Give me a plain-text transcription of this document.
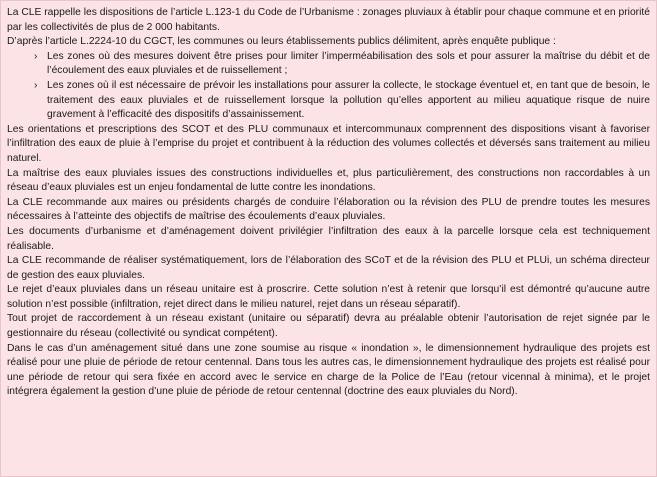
La CLE rappelle les dispositions de l’article L.123-1 du Code de l’Urbanisme : zonages pluviaux à établir pour chaque commune et en priorité par les collectivités de plus de 2 000 habitants.

D’après l’article L.2224-10 du CGCT, les communes ou leurs établissements publics délimitent, après enquête publique :

› Les zones où des mesures doivent être prises pour limiter l’imperméabilisation des sols et pour assurer la maîtrise du débit et de l’écoulement des eaux pluviales et de ruissellement ;
› Les zones où il est nécessaire de prévoir les installations pour assurer la collecte, le stockage éventuel et, en tant que de besoin, le traitement des eaux pluviales et de ruissellement lorsque la pollution qu’elles apportent au milieu aquatique risque de nuire gravement à l’efficacité des dispositifs d’assainissement.

Les orientations et prescriptions des SCOT et des PLU communaux et intercommunaux comprennent des dispositions visant à favoriser l’infiltration des eaux de pluie à l’emprise du projet et contribuent à la réduction des volumes collectés et déversés sans traitement au milieu naturel.

La maîtrise des eaux pluviales issues des constructions individuelles et, plus particulièrement, des constructions non raccordables à un réseau d’eaux pluviales est un enjeu fondamental de lutte contre les inondations.

La CLE recommande aux maires ou présidents chargés de conduire l’élaboration ou la révision des PLU de prendre toutes les mesures nécessaires à l’atteinte des objectifs de maîtrise des écoulements d’eaux pluviales.

Les documents d’urbanisme et d’aménagement doivent privilégier l’infiltration des eaux à la parcelle lorsque cela est techniquement réalisable.

La CLE recommande de réaliser systématiquement, lors de l’élaboration des SCoT et de la révision des PLU et PLUi, un schéma directeur de gestion des eaux pluviales.

Le rejet d’eaux pluviales dans un réseau unitaire est à proscrire. Cette solution n’est à retenir que lorsqu’il est démontré qu’aucune autre solution n’est possible (infiltration, rejet direct dans le milieu naturel, rejet dans un réseau séparatif).

Tout projet de raccordement à un réseau existant (unitaire ou séparatif) devra au préalable obtenir l’autorisation de rejet signée par le gestionnaire du réseau (collectivité ou syndicat compétent).

Dans le cas d’un aménagement situé dans une zone soumise au risque « inondation », le dimensionnement hydraulique des projets est réalisé pour une pluie de période de retour centennal. Dans tous les autres cas, le dimensionnement hydraulique des projets est réalisé pour une période de retour qui sera fixée en accord avec le service en charge de la Police de l’Eau (retour vicennal à minima), et le projet intégrera également la gestion d’une pluie de période de retour centennal (doctrine des eaux pluviales du Nord).
